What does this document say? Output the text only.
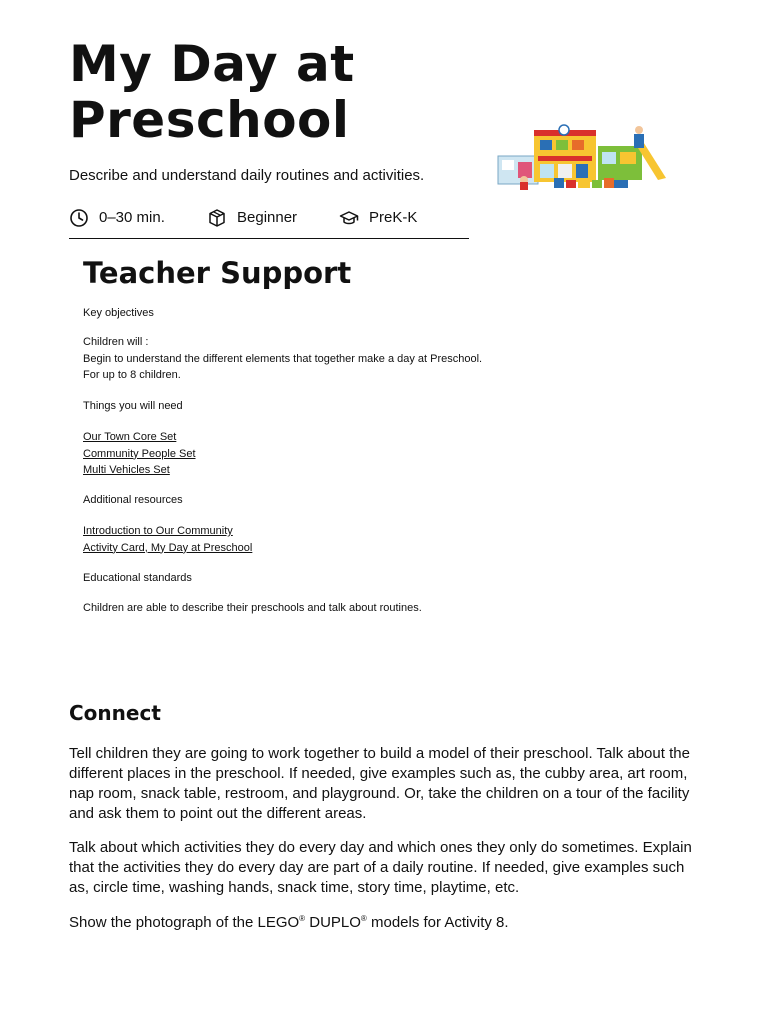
My Day at Preschool

Describe and understand daily routines and activities.

0–30 min.	Beginner	PreK-K
Teacher Support

Key objectives

Children will :
Begin to understand the different elements that together make a day at Preschool.
For up to 8 children.

Things you will need

Our Town Core Set
Community People Set
Multi Vehicles Set

Additional resources

Introduction to Our Community
Activity Card, My Day at Preschool

Educational standards

Children are able to describe their preschools and talk about routines.

Connect

Tell children they are going to work together to build a model of their preschool. Talk about the different places in the preschool. If needed, give examples such as, the cubby area, art room, nap room, snack table, restroom, and playground. Or, take the children on a tour of the facility and ask them to point out the different areas.

Talk about which activities they do every day and which ones they only do sometimes. Explain that the activities they do every day are part of a daily routine. If needed, give examples such as, circle time, washing hands, snack time, story time, playtime, etc.

Show the photograph of the LEGO® DUPLO® models for Activity 8.
